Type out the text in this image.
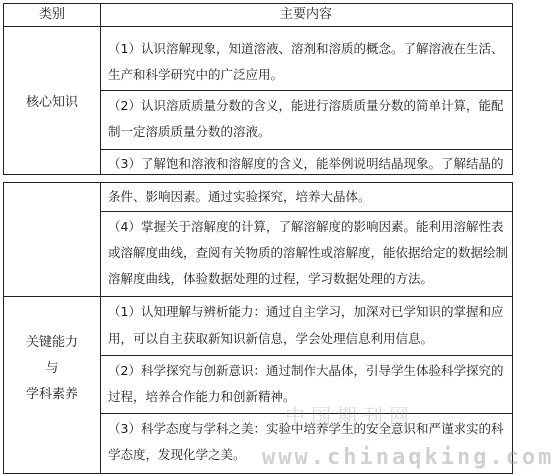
类别	主要内容
核心知识
（1）认识溶解现象，知道溶液、溶剂和溶质的概念。了解溶液在生活、
生产和科学研究中的广泛应用。
（2）认识溶质质量分数的含义，能进行溶质质量分数的简单计算，能配
制一定溶质质量分数的溶液。
（3）了解饱和溶液和溶解度的含义，能举例说明结晶现象。了解结晶的
条件、影响因素。通过实验探究，培养大晶体。
（4）掌握关于溶解度的计算，了解溶解度的影响因素。能利用溶解性表
或溶解度曲线，查阅有关物质的溶解性或溶解度，能依据给定的数据绘制
溶解度曲线，体验数据处理的过程，学习数据处理的方法。
关键能力
与
学科素养
（1）认知理解与辨析能力：通过自主学习，加深对已学知识的掌握和应
用，可以自主获取新知识新信息，学会处理信息利用信息。
（2）科学探究与创新意识：通过制作大晶体，引导学生体验科学探究的
过程，培养合作能力和创新精神。
（3）科学态度与学科之美：实验中培养学生的安全意识和严谨求实的科
学态度，发现化学之美。
中国期刊网
www.chinaqking.com
